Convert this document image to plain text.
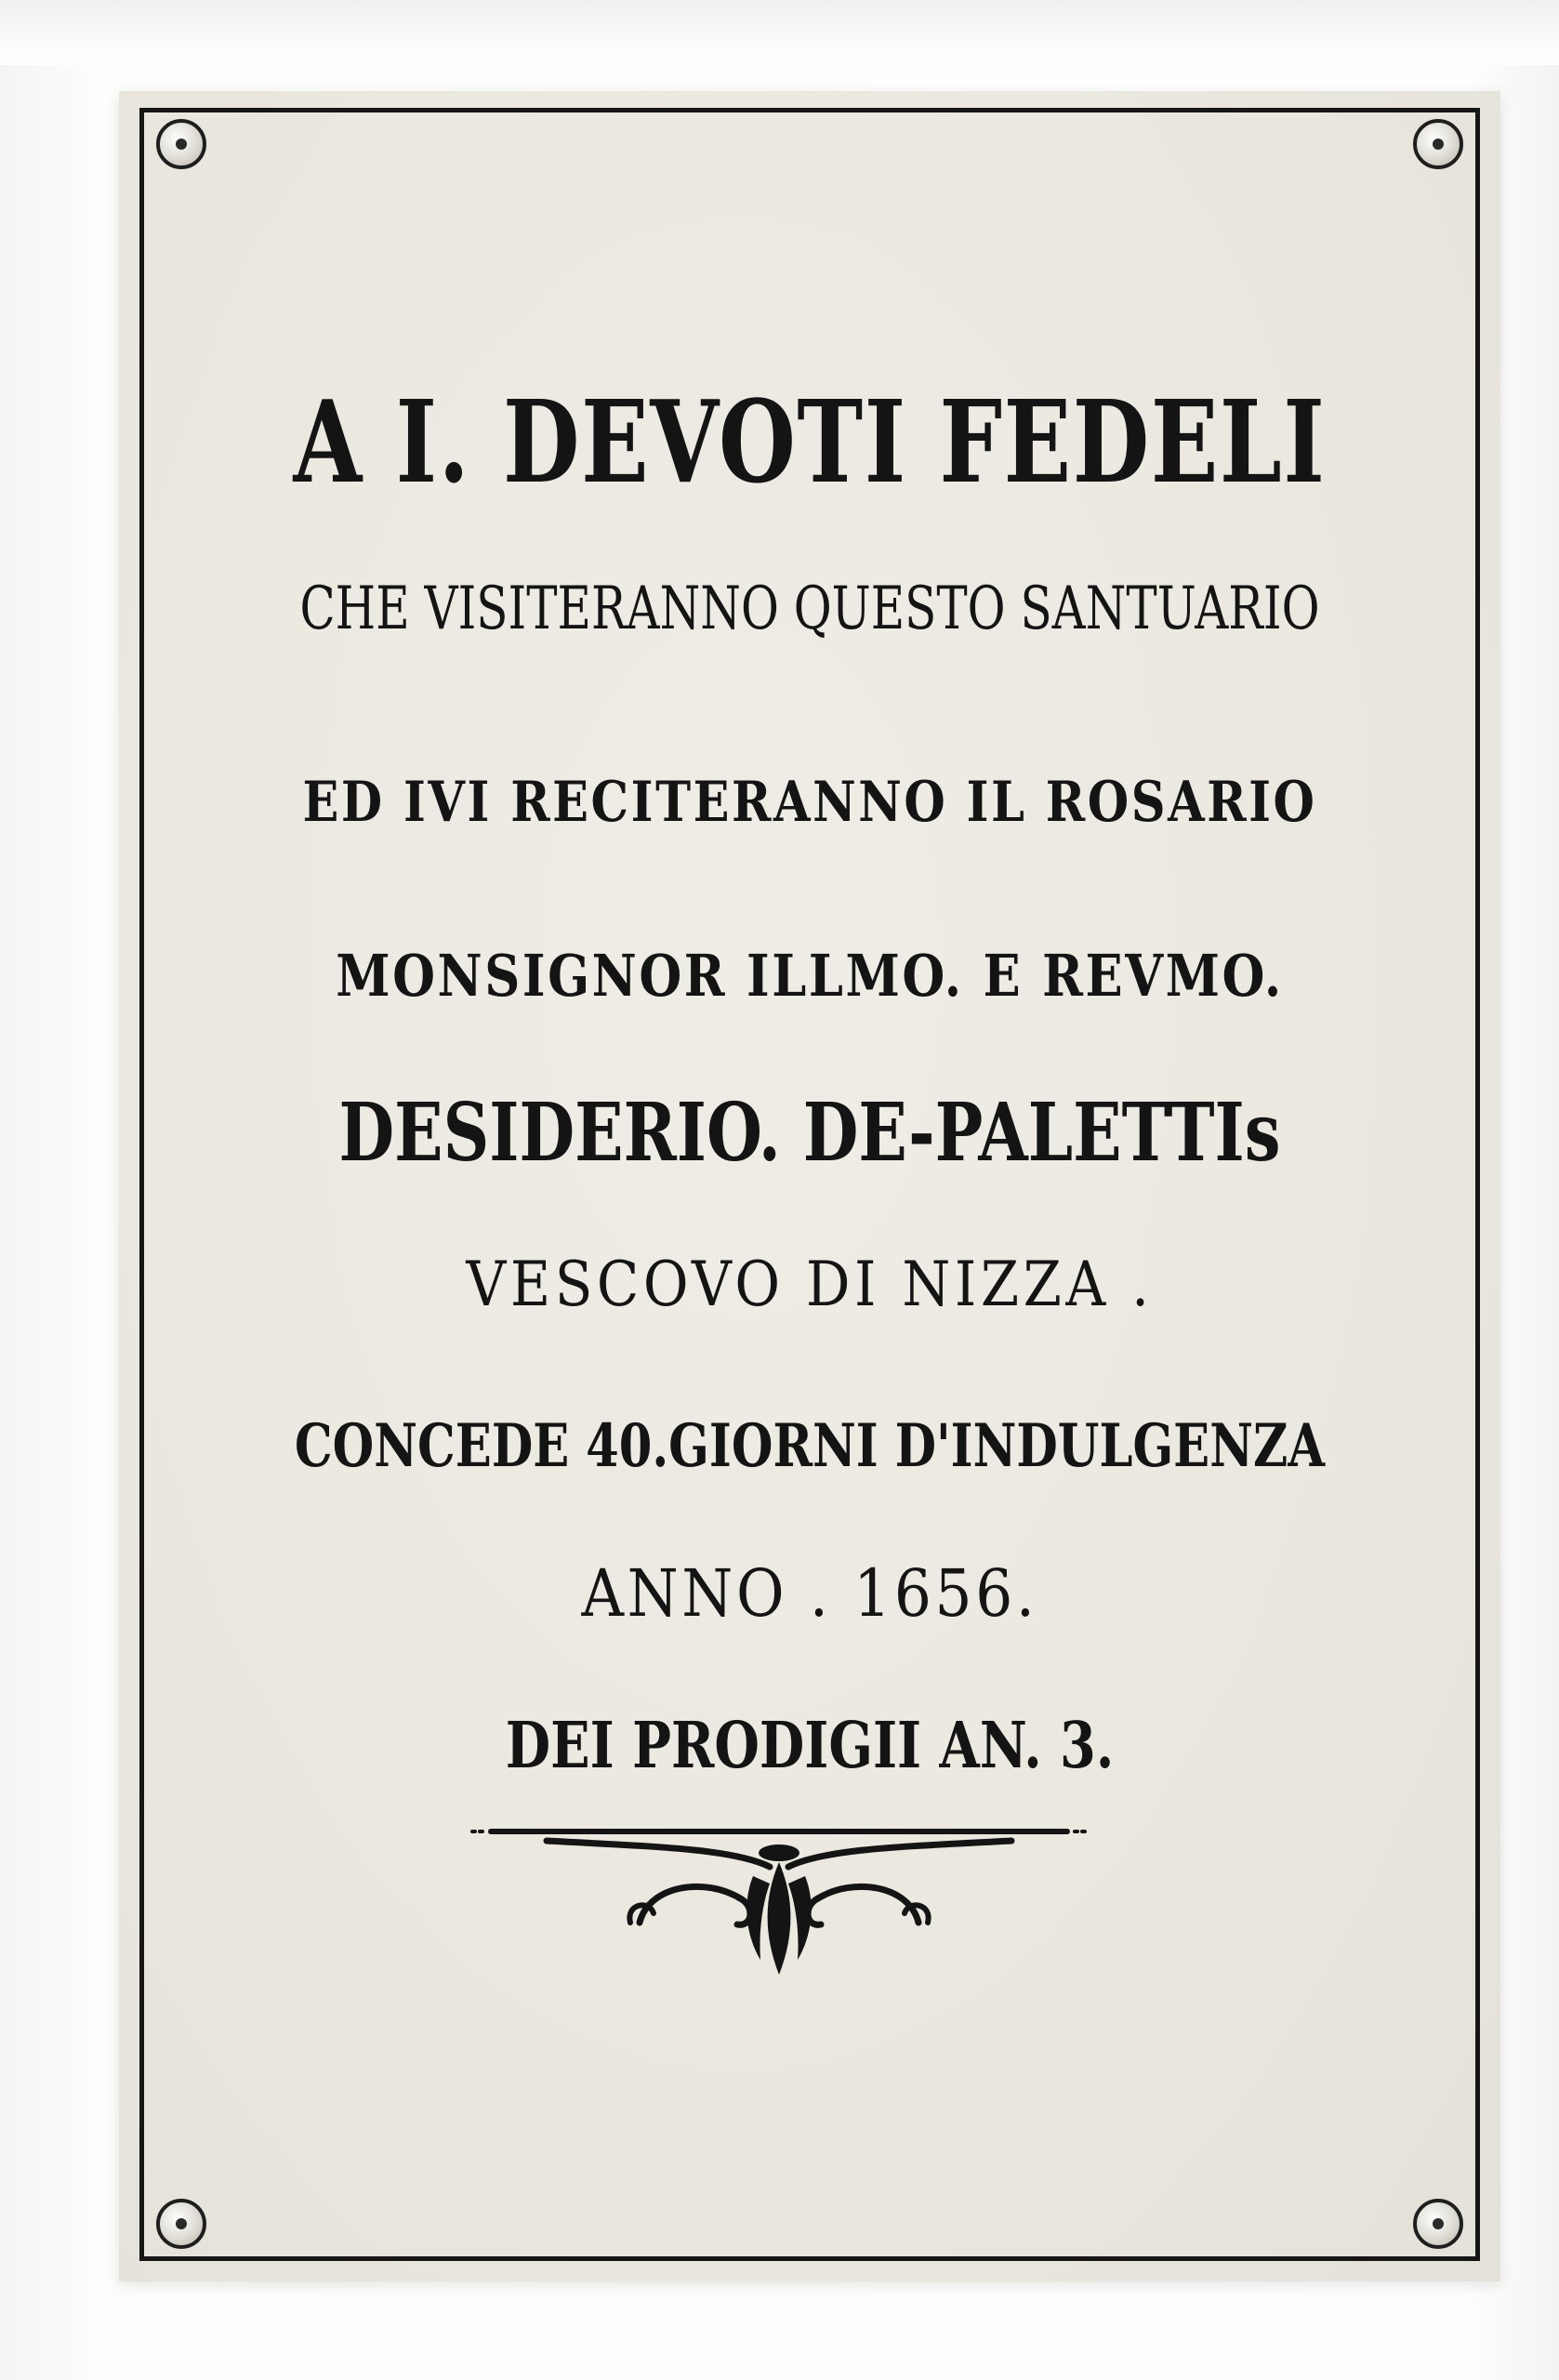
A I. DEVOTI FEDELI
CHE VISITERANNO QUESTO SANTUARIO
ED IVI RECITERANNO IL ROSARIO
MONSIGNOR ILLMO. E REVMO.
DESIDERIO. DE-PALETTIs
VESCOVO DI NIZZA .
CONCEDE 40.GIORNI D'INDULGENZA
ANNO . 1656.
DEI PRODIGII AN. 3.
